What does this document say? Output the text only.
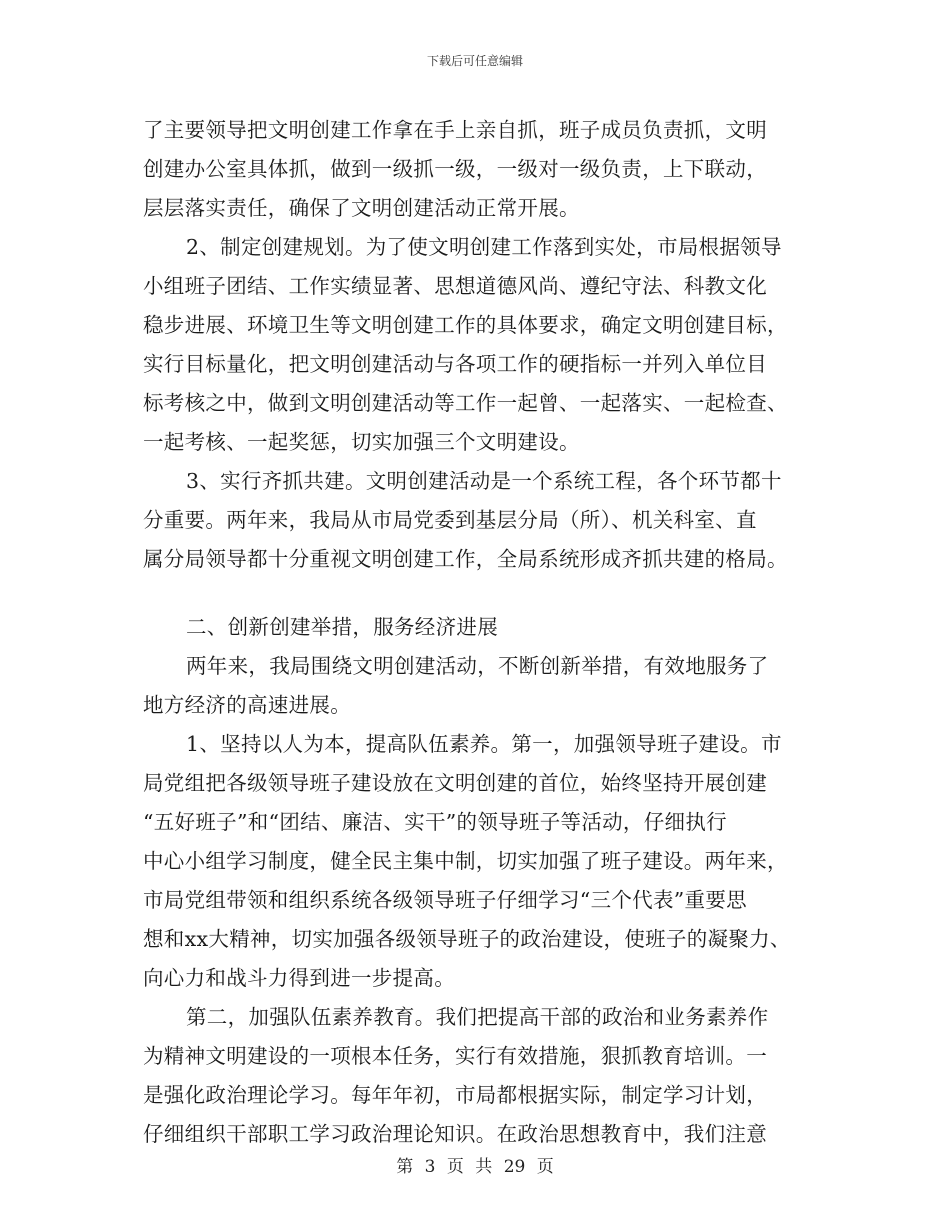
下载后可任意编辑
了主要领导把文明创建工作拿在手上亲自抓，班子成员负责抓，文明
创建办公室具体抓，做到一级抓一级，一级对一级负责，上下联动，
层层落实责任，确保了文明创建活动正常开展。
2、制定创建规划。为了使文明创建工作落到实处，市局根据领导
小组班子团结、工作实绩显著、思想道德风尚、遵纪守法、科教文化
稳步进展、环境卫生等文明创建工作的具体要求，确定文明创建目标，
实行目标量化，把文明创建活动与各项工作的硬指标一并列入单位目
标考核之中，做到文明创建活动等工作一起曾、一起落实、一起检查、
一起考核、一起奖惩，切实加强三个文明建设。
3、实行齐抓共建。文明创建活动是一个系统工程，各个环节都十
分重要。两年来，我局从市局党委到基层分局（所）、机关科室、直
属分局领导都十分重视文明创建工作，全局系统形成齐抓共建的格局。
二、创新创建举措，服务经济进展
两年来，我局围绕文明创建活动，不断创新举措，有效地服务了
地方经济的高速进展。
1、坚持以人为本，提高队伍素养。第一，加强领导班子建设。市
局党组把各级领导班子建设放在文明创建的首位，始终坚持开展创建
“五好班子”和“团结、廉洁、实干”的领导班子等活动，仔细执行
中心小组学习制度，健全民主集中制，切实加强了班子建设。两年来，
市局党组带领和组织系统各级领导班子仔细学习“三个代表”重要思
想和xx大精神，切实加强各级领导班子的政治建设，使班子的凝聚力、
向心力和战斗力得到进一步提高。
第二，加强队伍素养教育。我们把提高干部的政治和业务素养作
为精神文明建设的一项根本任务，实行有效措施，狠抓教育培训。一
是强化政治理论学习。每年年初，市局都根据实际，制定学习计划，
仔细组织干部职工学习政治理论知识。在政治思想教育中，我们注意
第 3 页 共 29 页
